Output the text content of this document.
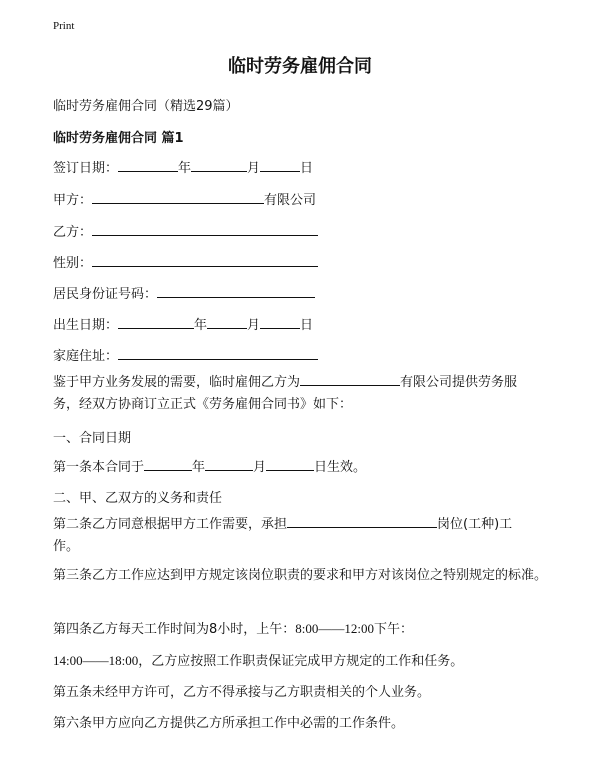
Print
临时劳务雇佣合同
临时劳务雇佣合同（精选29篇）
临时劳务雇佣合同 篇1
签订日期：	年	月	日
甲方：	有限公司
乙方：
性别：
居民身份证号码：
出生日期：	年	月	日
家庭住址：
鉴于甲方业务发展的需要，临时雇佣乙方为	有限公司提供劳务服
务，经双方协商订立正式《劳务雇佣合同书》如下：
一、合同日期
第一条本合同于	年	月	日生效。
二、甲、乙双方的义务和责任
第二条乙方同意根据甲方工作需要，承担	岗位(工种)工
作。
第三条乙方工作应达到甲方规定该岗位职责的要求和甲方对该岗位之特别规定的标准。
第四条乙方每天工作时间为8小时，上午：8:00——12:00下午：
14:00——18:00，乙方应按照工作职责保证完成甲方规定的工作和任务。
第五条未经甲方许可，乙方不得承接与乙方职责相关的个人业务。
第六条甲方应向乙方提供乙方所承担工作中必需的工作条件。
